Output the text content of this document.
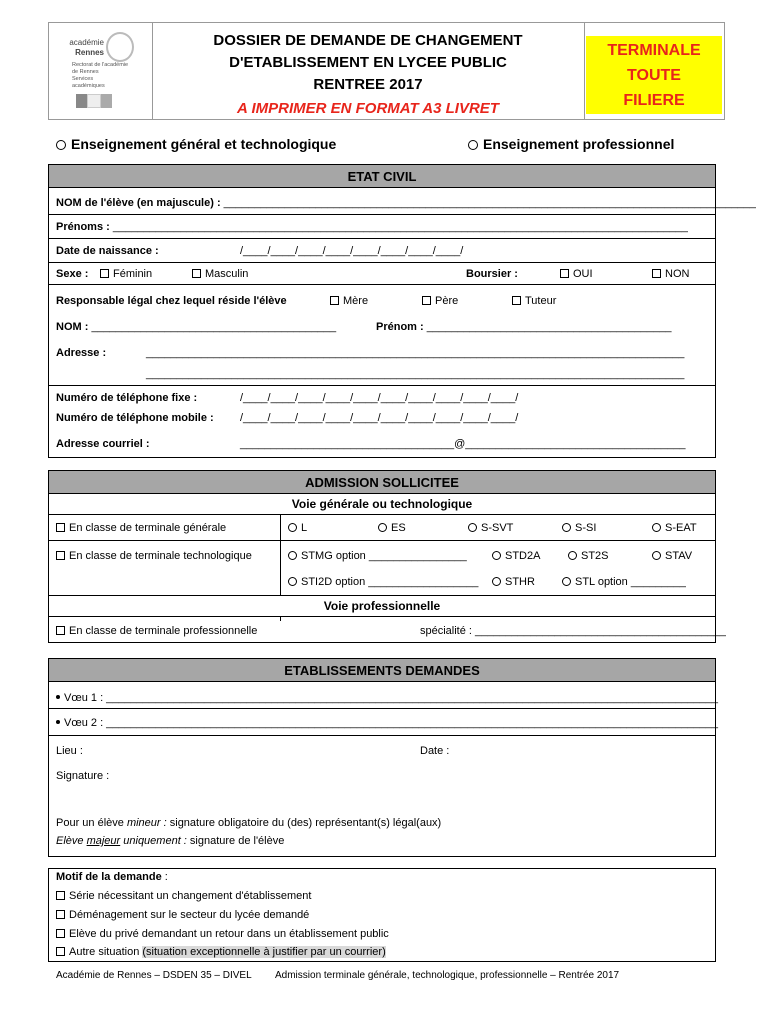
académie
Rennes
Rectorat de l'académie
de Rennes
Services
académiques
DOSSIER DE DEMANDE DE CHANGEMENT
D'ETABLISSEMENT EN LYCEE PUBLIC
RENTREE 2017
A IMPRIMER EN FORMAT A3 LIVRET
TERMINALE
TOUTE
FILIERE
Enseignement général et technologique	Enseignement professionnel
ETAT CIVIL
NOM de l'élève (en majuscule) : _______________________________________________________________________________________
Prénoms : ______________________________________________________________________________________________
Date de naissance :	/____/____/____/____/____/____/____/____/
Sexe :	Féminin	Masculin	Boursier :	OUI	NON
Responsable légal chez lequel réside l'élève	Mère	Père	Tuteur
NOM : ________________________________________	Prénom : ________________________________________
Adresse :	________________________________________________________________________________________
________________________________________________________________________________________
Numéro de téléphone fixe :	/____/____/____/____/____/____/____/____/____/____/
Numéro de téléphone mobile : /____/____/____/____/____/____/____/____/____/____/
Adresse courriel :	___________________________________@____________________________________
ADMISSION SOLLICITEE
Voie générale ou technologique
En classe de terminale générale	L	ES	S-SVT	S-SI	S-EAT
En classe de terminale technologique	STMG option ________________	STD2A	ST2S	STAV
STI2D option __________________	STHR	STL option _________
Voie professionnelle
En classe de terminale professionnelle	spécialité : _________________________________________
ETABLISSEMENTS DEMANDES
Vœu 1 : ____________________________________________________________________________________________________
Vœu 2 : ____________________________________________________________________________________________________
Lieu :	Date :
Signature :
Pour un élève mineur : signature obligatoire du (des) représentant(s) légal(aux)
Elève majeur uniquement : signature de l'élève
Motif de la demande :
Série nécessitant un changement d'établissement
Déménagement sur le secteur du lycée demandé
Elève du privé demandant un retour dans un établissement public
Autre situation (situation exceptionnelle à justifier par un courrier)
Académie de Rennes – DSDEN 35 – DIVEL Admission terminale générale, technologique, professionnelle – Rentrée 2017
